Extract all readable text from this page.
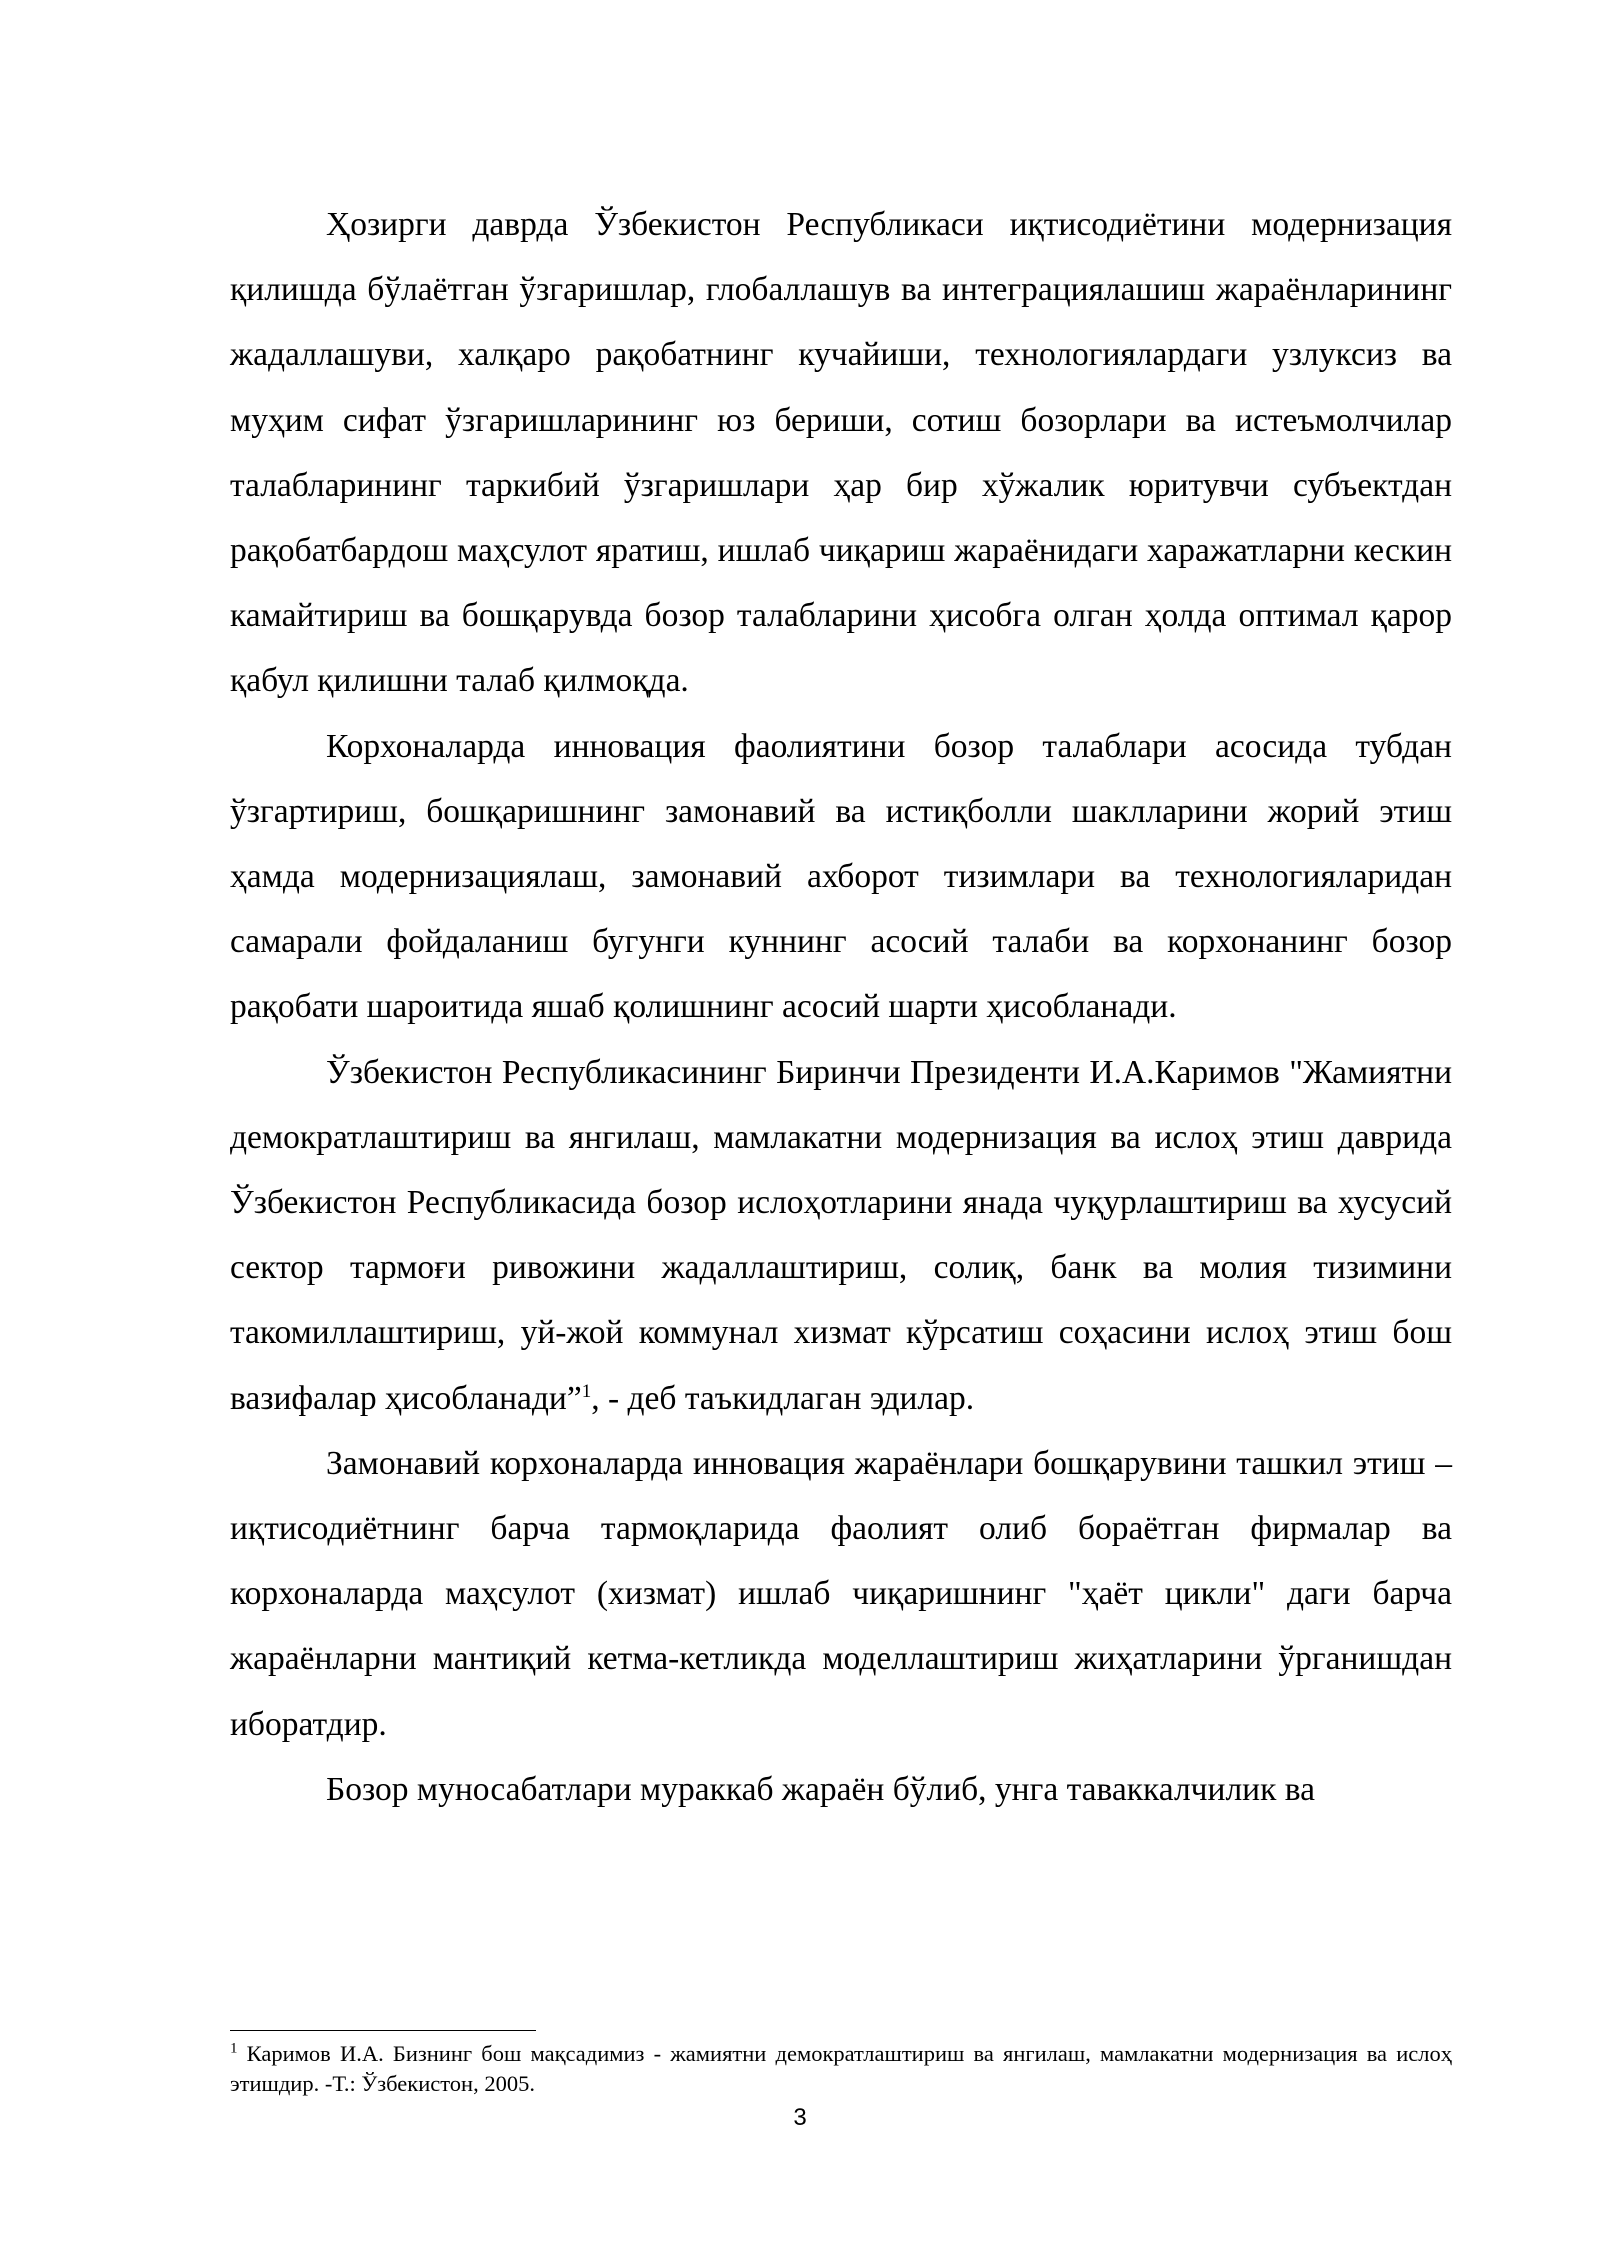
Ҳозирги даврда Ўзбекистон Республикаси иқтисодиётини модернизация қилишда бўлаётган ўзгаришлар, глобаллашув ва интеграциялашиш жараёнларининг жадаллашуви, халқаро рақобатнинг кучайиши, технологиялардаги узлуксиз ва муҳим сифат ўзгаришларининг юз бериши, сотиш бозорлари ва истеъмолчилар талабларининг таркибий ўзгаришлари ҳар бир хўжалик юритувчи субъектдан рақобатбардош маҳсулот яратиш, ишлаб чиқариш жараёнидаги харажатларни кескин камайтириш ва бошқарувда бозор талабларини ҳисобга олган ҳолда оптимал қарор қабул қилишни талаб қилмоқда.

Корхоналарда инновация фаолиятини бозор талаблари асосида тубдан ўзгартириш, бошқаришнинг замонавий ва истиқболли шаклларини жорий этиш ҳамда модернизациялаш, замонавий ахборот тизимлари ва технологияларидан самарали фойдаланиш бугунги куннинг асосий талаби ва корхонанинг бозор рақобати шароитида яшаб қолишнинг асосий шарти ҳисобланади.

Ўзбекистон Республикасининг Биринчи Президенти И.А.Каримов "Жамиятни демократлаштириш ва янгилаш, мамлакатни модернизация ва ислоҳ этиш даврида Ўзбекистон Республикасида бозор ислоҳотларини янада чуқурлаштириш ва хусусий сектор тармоғи ривожини жадаллаштириш, солиқ, банк ва молия тизимини такомиллаштириш, уй-жой коммунал хизмат кўрсатиш соҳасини ислоҳ этиш бош вазифалар ҳисобланади”$^1$, - деб таъкидлаган эдилар.

Замонавий корхоналарда инновация жараёнлари бошқарувини ташкил этиш – иқтисодиётнинг барча тармоқларида фаолият олиб бораётган фирмалар ва корхоналарда маҳсулот (хизмат) ишлаб чиқаришнинг "ҳаёт цикли" даги барча жараёнларни мантиқий кетма-кетликда моделлаштириш жиҳатларини ўрганишдан иборатдир.

Бозор муносабатлари мураккаб жараён бўлиб, унга таваккалчилик ва

$^1$ Каримов И.А. Бизнинг бош мақсадимиз - жамиятни демократлаштириш ва янгилаш, мамлакатни модернизация ва ислоҳ этишдир. -Т.: Ўзбекистон, 2005.

3
